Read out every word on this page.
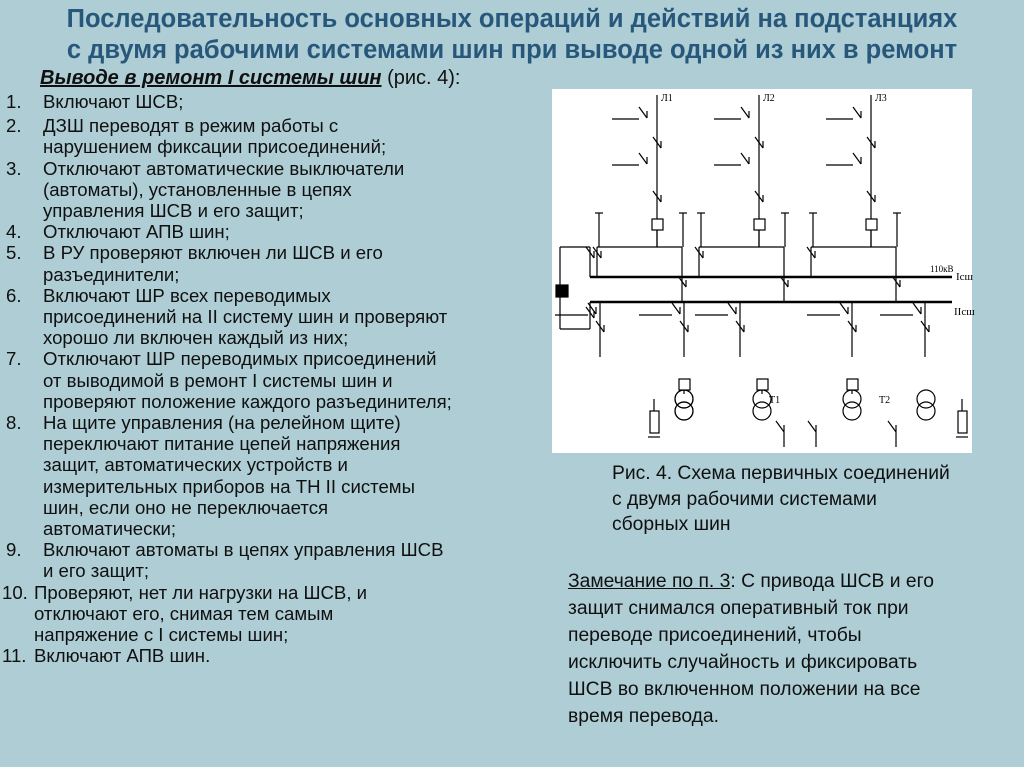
Последовательность основных операций и действий на подстанциях
с двумя рабочими системами шин при выводе одной из них в ремонт
Выводе в ремонт I системы шин (рис. 4):
1.	Включают ШСВ;
2.	ДЗШ переводят в режим работы с
нарушением фиксации присоединений;
3.	Отключают автоматические выключатели
(автоматы), установленные в цепях
управления ШСВ и его защит;
4.	Отключают АПВ шин;
5.	В РУ проверяют включен ли ШСВ и его
разъединители;
6.	Включают ШР всех переводимых
присоединений на II систему шин и проверяют
хорошо ли включен каждый из них;
7.	Отключают ШР переводимых присоединений
от выводимой в ремонт I системы шин и
проверяют положение каждого разъединителя;
8.	На щите управления (на релейном щите)
переключают питание цепей напряжения
защит, автоматических устройств и
измерительных приборов на ТН II системы
шин, если оно не переключается
автоматически;
9.	Включают автоматы в цепях управления ШСВ
и его защит;
10. Проверяют, нет ли нагрузки на ШСВ, и
отключают его, снимая тем самым
напряжение с I системы шин;
11. Включают АПВ шин.
110кВ
Iсш
IIсш
Л1	Л2	Л3
Т1	Т2
Рис. 4. Схема первичных соединений
с двумя рабочими системами
сборных шин
Замечание по п. 3: С привода ШСВ и его
защит снимался оперативный ток при
переводе присоединений, чтобы
исключить случайность и фиксировать
ШСВ во включенном положении на все
время перевода.
